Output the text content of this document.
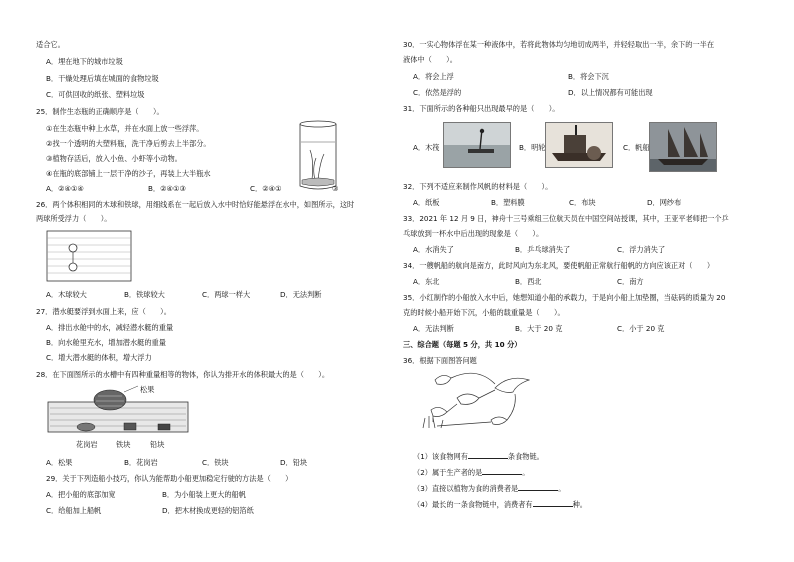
适合它。
A．埋在地下的城市垃圾
B．干燥处理后填在城面的食物垃圾
C．可供回收的纸张、塑料垃圾
25．制作生态瓶的正确顺序是（　　）。
①在生态瓶中种上水草，并在水面上放一些浮萍。
②找一个透明的大塑料瓶，洗干净后剪去上半部分。
③植物存活后，放入小鱼、小虾等小动物。
④在瓶的底部铺上一层干净的沙子，再装上大半瓶水
A．②④①④	B．②④①③	C．②④①	③
26．两个体积相同的木球和铁球，用细线系在一起后放入水中时恰好能悬浮在水中，如图所示，这时
两球所受浮力（　　）。
A．木球较大	B．铁球较大	C．两球一样大	D．无法判断
27．潜水艇要浮到水面上来，应（　　）。
A．排出水舱中的水，减轻潜水艇的重量
B．向水舱里充水，增加潜水艇的重量
C．增大潜水艇的体积，增大浮力
28．在下面图所示的水槽中有四种重量相等的物体，你认为排开水的体积最大的是（　　）。
松果
花岗岩	铁块	铅块
A．松果	B．花岗岩	C．铁块	D．铅块
29．关于下列造船小技巧，你认为能帮助小船更加稳定行驶的方法是（　　）
A．把小船的底部加宽	B．为小船装上更大的船帆
C．给船加上船帆	D．把木材换成更轻的铝箔纸
30．一实心物体浮在某一种液体中，若将此物体均匀地切成两半，并轻轻取出一半，余下的一半在
液体中（　　）。
A．将会上浮	B．将会下沉
C．依然是浮的	D．以上情况都有可能出现
31．下面所示的各种船只出现最早的是（　　）。
A．木筏	B．明轮	C．帆船
32．下列不适应来制作风帆的材料是（　　）。
A．纸板	B．塑料膜	C．布块	D．网纱布
33．2021 年 12 月 9 日，神舟十三号乘组三位航天员在中国空间站授课，其中，王亚平老师把一个乒
乓球放到一杯水中后出现的现象是（　　）。
A．水消失了	B．乒乓球消失了	C．浮力消失了
34．一艘帆船的航向是南方，此时风向为东北风，要使帆船正常航行船帆的方向应该正对（　　）
A．东北	B．西北	C．南方
35．小红制作的小船放入水中后，她想知道小船的承载力，于是向小船上加垫圈，当砝码的质量为 20
克的时候小船开始下沉，小船的载重量是（　　）。
A．无法判断	B．大于 20 克	C．小于 20 克
三、综合题（每题 5 分，共 10 分）
36．根据下面图答问题
（1）该食物网有	条食物链。
（2）属于生产者的是	。
（3）直接以植物为食的消费者是	。
（4）最长的一条食物链中，消费者有	种。
